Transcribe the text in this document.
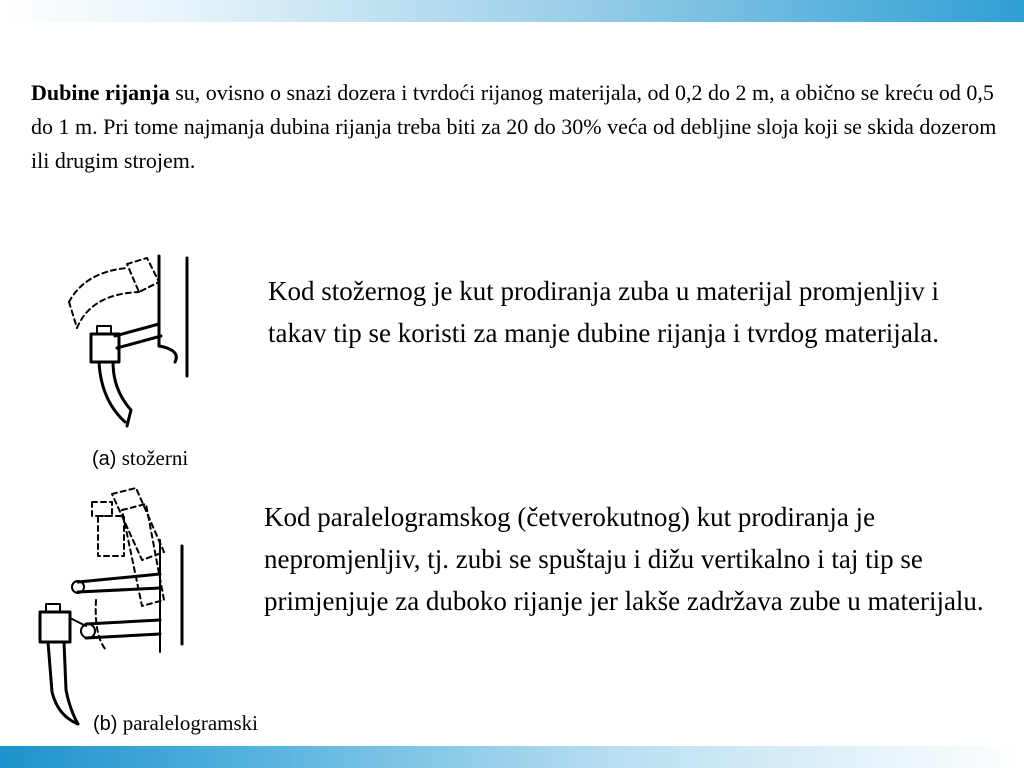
Dubine rijanja su, ovisno o snazi dozera i tvrdoći rijanog materijala, od 0,2 do 2 m, a obično se kreću od 0,5 do 1 m. Pri tome najmanja dubina rijanja treba biti za 20 do 30% veća od debljine sloja koji se skida dozerom ili drugim strojem.

Kod stožernog je kut prodiranja zuba u materijal promjenljiv i takav tip se koristi za manje dubine rijanja i tvrdog materijala.

(a) stožerni

Kod paralelogramskog (četverokutnog) kut prodiranja je nepromjenljiv, tj. zubi se spuštaju i dižu vertikalno i taj tip se primjenjuje za duboko rijanje jer lakše zadržava zube u materijalu.

(b) paralelogramski
